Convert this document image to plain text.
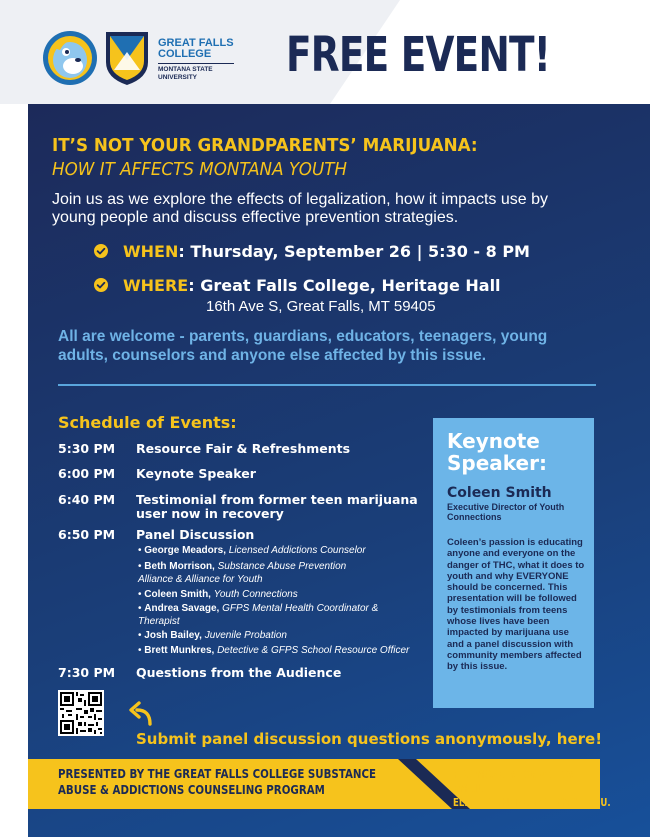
GREAT FALLS COLLEGE
MONTANA STATE UNIVERSITY	FREE EVENT!
IT’S NOT YOUR GRANDPARENTS’ MARIJUANA:
HOW IT AFFECTS MONTANA YOUTH
Join us as we explore the effects of legalization, how it impacts use by young people and discuss effective prevention strategies.
WHEN: Thursday, September 26 | 5:30 - 8 PM
WHERE: Great Falls College, Heritage Hall
16th Ave S, Great Falls, MT 59405
All are welcome - parents, guardians, educators, teenagers, young adults, counselors and anyone else affected by this issue.
Schedule of Events:
5:30 PM Resource Fair & Refreshments
6:00 PM Keynote Speaker
6:40 PM Testimonial from former teen marijuana user now in recovery
6:50 PM Panel Discussion
• George Meadors, Licensed Addictions Counselor
• Beth Morrison, Substance Abuse Prevention Alliance & Alliance for Youth
• Coleen Smith, Youth Connections
• Andrea Savage, GFPS Mental Health Coordinator & Therapist
• Josh Bailey, Juvenile Probation
• Brett Munkres, Detective & GFPS School Resource Officer
7:30 PM Questions from the Audience
Keynote Speaker:
Coleen Smith
Executive Director of Youth Connections
Coleen’s passion is educating anyone and everyone on the danger of THC, what it does to youth and why EVERYONE should be concerned. This presentation will be followed by testimonials from teens whose lives have been impacted by marijuana use and a panel discussion with community members affected by this issue.
Submit panel discussion questions anonymously, here!
PRESENTED BY THE GREAT FALLS COLLEGE SUBSTANCE ABUSE & ADDICTIONS COUNSELING PROGRAM
FOR MORE INFORMATION, EMAIL ELFRIEDE.NEBER@GFCMSU.EDU.
